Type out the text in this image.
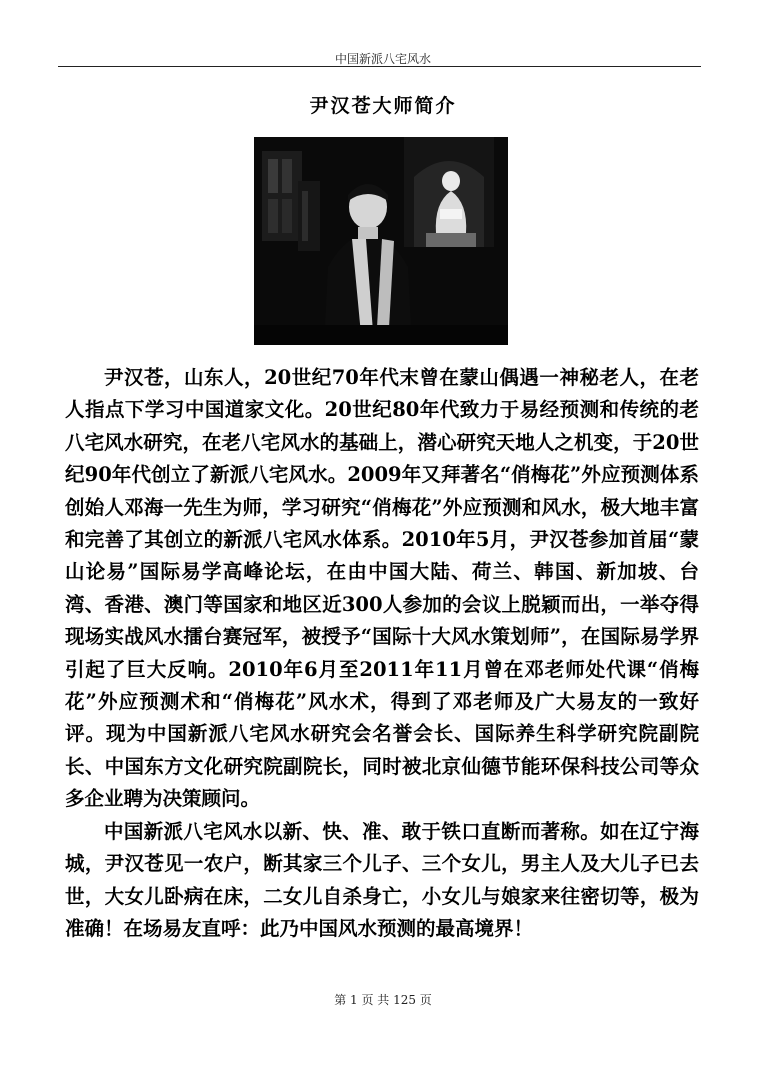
中国新派八宅风水
尹汉苍大师简介

尹汉苍，山东人，20世纪70年代末曾在蒙山偶遇一神秘老人，在老人指点下学习中国道家文化。20世纪80年代致力于易经预测和传统的老八宅风水研究，在老八宅风水的基础上，潜心研究天地人之机变，于20世纪90年代创立了新派八宅风水。2009年又拜著名“俏梅花”外应预测体系创始人邓海一先生为师，学习研究“俏梅花”外应预测和风水，极大地丰富和完善了其创立的新派八宅风水体系。2010年5月，尹汉苍参加首届“蒙山论易”国际易学高峰论坛，在由中国大陆、荷兰、韩国、新加坡、台湾、香港、澳门等国家和地区近300人参加的会议上脱颖而出，一举夺得现场实战风水擂台赛冠军，被授予“国际十大风水策划师”，在国际易学界引起了巨大反响。2010年6月至2011年11月曾在邓老师处代课“俏梅花”外应预测术和“俏梅花”风水术，得到了邓老师及广大易友的一致好评。现为中国新派八宅风水研究会名誉会长、国际养生科学研究院副院长、中国东方文化研究院副院长，同时被北京仙德节能环保科技公司等众多企业聘为决策顾问。

中国新派八宅风水以新、快、准、敢于铁口直断而著称。如在辽宁海城，尹汉苍见一农户，断其家三个儿子、三个女儿，男主人及大儿子已去世，大女儿卧病在床，二女儿自杀身亡，小女儿与娘家来往密切等，极为准确！在场易友直呼：此乃中国风水预测的最高境界！

第 1 页 共 125 页
